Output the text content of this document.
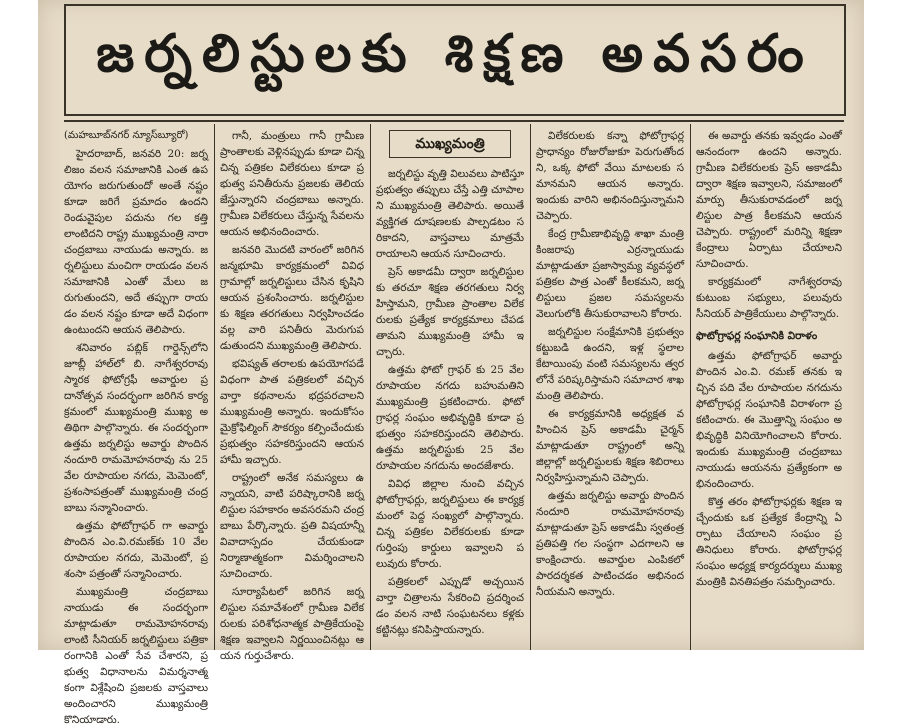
జర్నలిస్టులకు శిక్షణ అవసరం

(మహబూబ్‌నగర్ న్యూస్‌బ్యూరో)

హైదరాబాద్, జనవరి 20: జర్నలిజం వలన సమాజానికి ఎంత ఉపయోగం జరుగుతుందో అంతే నష్టం కూడా జరిగే ప్రమాదం ఉందని రెండువైపుల పదును గల కత్తి లాంటిదని రాష్ట్ర ముఖ్యమంత్రి నారా చంద్రబాబు నాయుడు అన్నారు. జర్నలిస్టులు మంచిగా రాయడం వలన సమాజానికి ఎంతో మేలు జరుగుతుందని, అదే తప్పుగా రాయడం వలన నష్టం కూడా అదే విధంగా ఉంటుందని ఆయన తెలిపారు.

శనివారం పబ్లిక్ గార్డెన్స్‌లోని జూబ్లీ హాల్‌లో బి. నాగేశ్వరరావు స్మారక ఫోటోగ్రఫీ అవార్డుల ప్రదానోత్సవ సందర్భంగా జరిగిన కార్యక్రమంలో ముఖ్యమంత్రి ముఖ్య అతిథిగా పాల్గొన్నారు. ఈ సందర్భంగా ఉత్తమ జర్నలిస్టు అవార్డు పొందిన నందూరి రామమోహనరావు ను 25 వేల రూపాయల నగదు, మెమెంటో, ప్రశంసాపత్రంతో ముఖ్యమంత్రి చంద్రబాబు సన్మానించారు.

ఉత్తమ ఫోటోగ్రాఫర్ గా అవార్డు పొందిన ఎం.వి.రమణ్‌కు 10 వేల రూపాయల నగదు, మెమెంటో, ప్రశంసా పత్రంతో సన్మానించారు.

ముఖ్యమంత్రి చంద్రబాబు నాయుడు ఈ సందర్భంగా మాట్లాడుతూ రామమోహనరావు లాంటి సీనియర్ జర్నలిస్టులు పత్రికా రంగానికి ఎంతో సేవ చేశారని, ప్రభుత్వ విధానాలను విమర్శనాత్మకంగా విశ్లేషించి ప్రజలకు వాస్తవాలు అందించారని ముఖ్యమంత్రి కొనియాడారు.

గానీ, మంత్రులు గానీ గ్రామీణ ప్రాంతాలకు వెళ్లినప్పుడు కూడా చిన్న చిన్న పత్రికల విలేకరులు కూడా ప్రభుత్వ పనితీరును ప్రజలకు తెలియజేస్తున్నారని చంద్రబాబు అన్నారు. గ్రామీణ విలేకరులు చేస్తున్న సేవలను ఆయన అభినందించారు.

జనవరి మొదటి వారంలో జరిగిన జన్మభూమి కార్యక్రమంలో వివిధ గ్రామాల్లో జర్నలిస్టులు చేసిన కృషిని ఆయన ప్రశంసించారు. జర్నలిస్టులకు శిక్షణ తరగతులు నిర్వహించడం వల్ల వారి పనితీరు మెరుగుపడుతుందని ముఖ్యమంత్రి తెలిపారు.

భవిష్యత్ తరాలకు ఉపయోగపడే విధంగా పాత పత్రికలలో వచ్చిన వార్తా కథనాలను భద్రపరచాలని ముఖ్యమంత్రి అన్నారు. ఇందుకోసం మైక్రోఫిల్మింగ్ సౌకర్యం కల్పించేందుకు ప్రభుత్వం సహకరిస్తుందని ఆయన హామీ ఇచ్చారు.

రాష్ట్రంలో అనేక సమస్యలు ఉన్నాయని, వాటి పరిష్కారానికి జర్నలిస్టుల సహకారం అవసరమని చంద్రబాబు పేర్కొన్నారు. ప్రతి విషయాన్నీ వివాదాస్పదం చేయకుండా నిర్మాణాత్మకంగా విమర్శించాలని సూచించారు.

సూర్యాపేటలో జరిగిన జర్నలిస్టుల సమావేశంలో గ్రామీణ విలేకరులకు పరిశోధనాత్మక పాత్రికేయంపై శిక్షణ ఇవ్వాలని నిర్ణయించినట్లు ఆయన గుర్తుచేశారు.

ముఖ్యమంత్రి

జర్నలిస్టు వృత్తి విలువలు పాటిస్తూ ప్రభుత్వం తప్పులు చేస్తే ఎత్తి చూపాలని ముఖ్యమంత్రి తెలిపారు. అయితే వ్యక్తిగత దూషణలకు పాల్పడటం సరికాదని, వాస్తవాలు మాత్రమే రాయాలని ఆయన సూచించారు.

ప్రెస్ అకాడమీ ద్వారా జర్నలిస్టులకు తరచూ శిక్షణ తరగతులు నిర్వహిస్తామని, గ్రామీణ ప్రాంతాల విలేకరులకు ప్రత్యేక కార్యక్రమాలు చేపడతామని ముఖ్యమంత్రి హామీ ఇచ్చారు.

ఉత్తమ ఫోటో గ్రాఫర్ కు 25 వేల రూపాయల నగదు బహుమతిని ముఖ్యమంత్రి ప్రకటించారు. ఫోటో గ్రాఫర్ల సంఘం అభివృద్ధికి కూడా ప్రభుత్వం సహకరిస్తుందని తెలిపారు. ఉత్తమ జర్నలిస్టుకు 25 వేల రూపాయల నగదును అందజేశారు.

వివిధ జిల్లాల నుంచి వచ్చిన ఫోటోగ్రాఫర్లు, జర్నలిస్టులు ఈ కార్యక్రమంలో పెద్ద సంఖ్యలో పాల్గొన్నారు. చిన్న పత్రికల విలేకరులకు కూడా గుర్తింపు కార్డులు ఇవ్వాలని పలువురు కోరారు.

పత్రికలలో ఎప్పుడో అచ్చయిన వార్తా చిత్రాలను సేకరించి ప్రదర్శించడం వలన నాటి సంఘటనలు కళ్లకు కట్టినట్లు కనిపిస్తాయన్నారు.

విలేకరులకు కన్నా ఫోటోగ్రాఫర్ల ప్రాధాన్యం రోజురోజుకూ పెరుగుతోందని, ఒక్క ఫోటో వేయి మాటలకు సమానమని ఆయన అన్నారు. ఇందుకు వారిని అభినందిస్తున్నామని చెప్పారు.

కేంద్ర గ్రామీణాభివృద్ధి శాఖా మంత్రి కింజరాపు ఎర్రన్నాయుడు మాట్లాడుతూ ప్రజాస్వామ్య వ్యవస్థలో పత్రికల పాత్ర ఎంతో కీలకమని, జర్నలిస్టులు ప్రజల సమస్యలను వెలుగులోకి తీసుకురావాలని కోరారు.

జర్నలిస్టుల సంక్షేమానికి ప్రభుత్వం కట్టుబడి ఉందని, ఇళ్ల స్థలాల కేటాయింపు వంటి సమస్యలను త్వరలోనే పరిష్కరిస్తామని సమాచార శాఖ మంత్రి తెలిపారు.

ఈ కార్యక్రమానికి అధ్యక్షత వహించిన ప్రెస్ అకాడమీ చైర్మన్ మాట్లాడుతూ రాష్ట్రంలో అన్ని జిల్లాల్లో జర్నలిస్టులకు శిక్షణ శిబిరాలు నిర్వహిస్తున్నామని చెప్పారు.

ఉత్తమ జర్నలిస్టు అవార్డు పొందిన నందూరి రామమోహనరావు మాట్లాడుతూ ప్రెస్ అకాడమీ స్వతంత్ర ప్రతిపత్తి గల సంస్థగా ఎదగాలని ఆకాంక్షించారు. అవార్డుల ఎంపికలో పారదర్శకత పాటించడం అభినందనీయమని అన్నారు.

ఈ అవార్డు తనకు ఇవ్వడం ఎంతో ఆనందంగా ఉందని అన్నారు. గ్రామీణ విలేకరులకు ప్రెస్ అకాడమీ ద్వారా శిక్షణ ఇవ్వాలని, సమాజంలో మార్పు తీసుకురావడంలో జర్నలిస్టుల పాత్ర కీలకమని ఆయన చెప్పారు. రాష్ట్రంలో మరిన్ని శిక్షణా కేంద్రాలు ఏర్పాటు చేయాలని సూచించారు.

కార్యక్రమంలో నాగేశ్వరరావు కుటుంబ సభ్యులు, పలువురు సీనియర్ పాత్రికేయులు పాల్గొన్నారు.

ఫొటోగ్రాఫర్ల సంఘానికి విరాళం

ఉత్తమ ఫోటోగ్రాఫర్ అవార్డు పొందిన ఎం.వి. రమణ్ తనకు ఇచ్చిన పది వేల రూపాయల నగదును ఫోటోగ్రాఫర్ల సంఘానికి విరాళంగా ప్రకటించారు. ఈ మొత్తాన్ని సంఘం అభివృద్ధికి వినియోగించాలని కోరారు. ఇందుకు ముఖ్యమంత్రి చంద్రబాబు నాయుడు ఆయనను ప్రత్యేకంగా అభినందించారు.

కొత్త తరం ఫోటోగ్రాఫర్లకు శిక్షణ ఇచ్చేందుకు ఒక ప్రత్యేక కేంద్రాన్ని ఏర్పాటు చేయాలని సంఘం ప్రతినిధులు కోరారు. ఫోటోగ్రాఫర్ల సంఘం అధ్యక్ష కార్యదర్శులు ముఖ్యమంత్రికి వినతిపత్రం సమర్పించారు.
